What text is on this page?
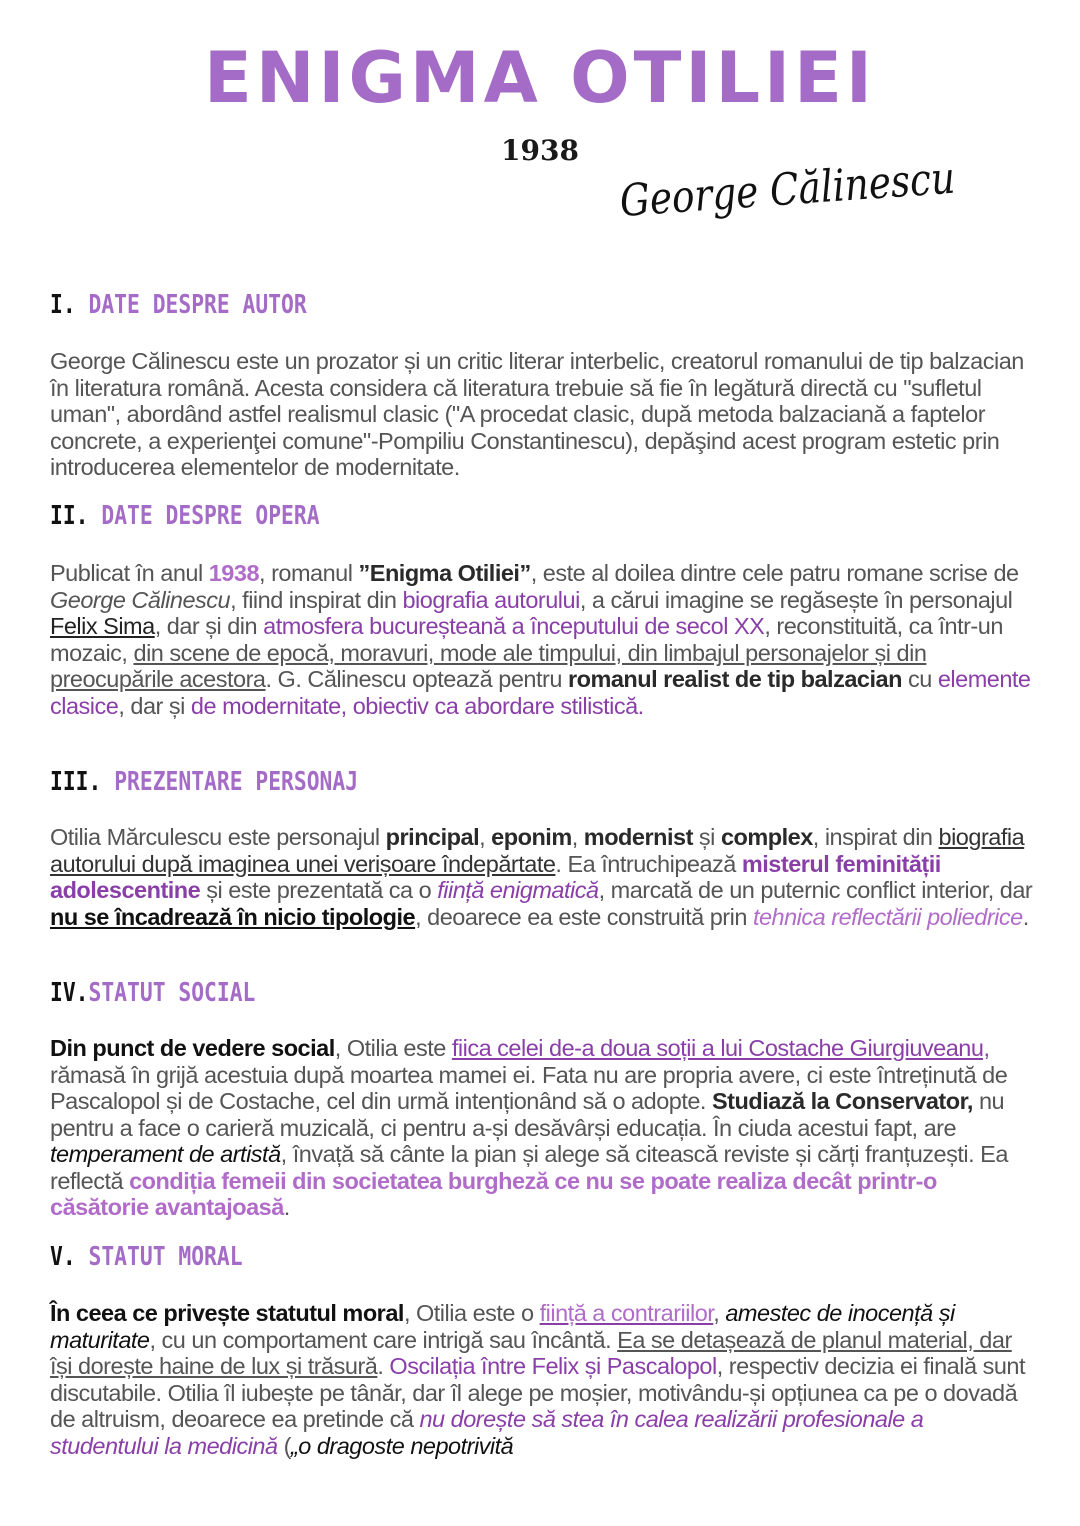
ENIGMA OTILIEI
1938
George Călinescu
I. DATE DESPRE AUTOR
George Călinescu este un prozator și un critic literar interbelic, creatorul romanului de tip balzacian în literatura română. Acesta considera că literatura trebuie să fie în legătură directă cu "sufletul uman", abordând astfel realismul clasic ("A procedat clasic, după metoda balzaciană a faptelor concrete, a experienţei comune"-Pompiliu Constantinescu), depăşind acest program estetic prin introducerea elementelor de modernitate.
II. DATE DESPRE OPERA
Publicat în anul 1938, romanul ”Enigma Otiliei”, este al doilea dintre cele patru romane scrise de George Călinescu, fiind inspirat din biografia autorului, a cărui imagine se regăsește în personajul Felix Sima, dar și din atmosfera bucureșteană a începutului de secol XX, reconstituită, ca într-un mozaic, din scene de epocă, moravuri, mode ale timpului, din limbajul personajelor și din preocupările acestora. G. Călinescu optează pentru romanul realist de tip balzacian cu elemente clasice, dar și de modernitate, obiectiv ca abordare stilistică.
III. PREZENTARE PERSONAJ
Otilia Mărculescu este personajul principal, eponim, modernist și complex, inspirat din biografia autorului după imaginea unei verișoare îndepărtate. Ea întruchipează misterul feminității adolescentine și este prezentată ca o ființă enigmatică, marcată de un puternic conflict interior, dar nu se încadrează în nicio tipologie, deoarece ea este construită prin tehnica reflectării poliedrice.
IV.STATUT SOCIAL
Din punct de vedere social, Otilia este fiica celei de-a doua soții a lui Costache Giurgiuveanu, rămasă în grijă acestuia după moartea mamei ei. Fata nu are propria avere, ci este întreținută de Pascalopol și de Costache, cel din urmă intenționând să o adopte. Studiază la Conservator, nu pentru a face o carieră muzicală, ci pentru a-și desăvârși educația. În ciuda acestui fapt, are temperament de artistă, învață să cânte la pian și alege să citească reviste și cărți franțuzești. Ea reflectă condiția femeii din societatea burgheză ce nu se poate realiza decât printr-o căsătorie avantajoasă.
V. STATUT MORAL
În ceea ce privește statutul moral, Otilia este o ființă a contrariilor, amestec de inocență și maturitate, cu un comportament care intrigă sau încântă. Ea se detașează de planul material, dar își dorește haine de lux și trăsură. Oscilația între Felix și Pascalopol, respectiv decizia ei finală sunt discutabile. Otilia îl iubește pe tânăr, dar îl alege pe moșier, motivându-și opțiunea ca pe o dovadă de altruism, deoarece ea pretinde că nu dorește să stea în calea realizării profesionale a studentului la medicină („o dragoste nepotrivită
